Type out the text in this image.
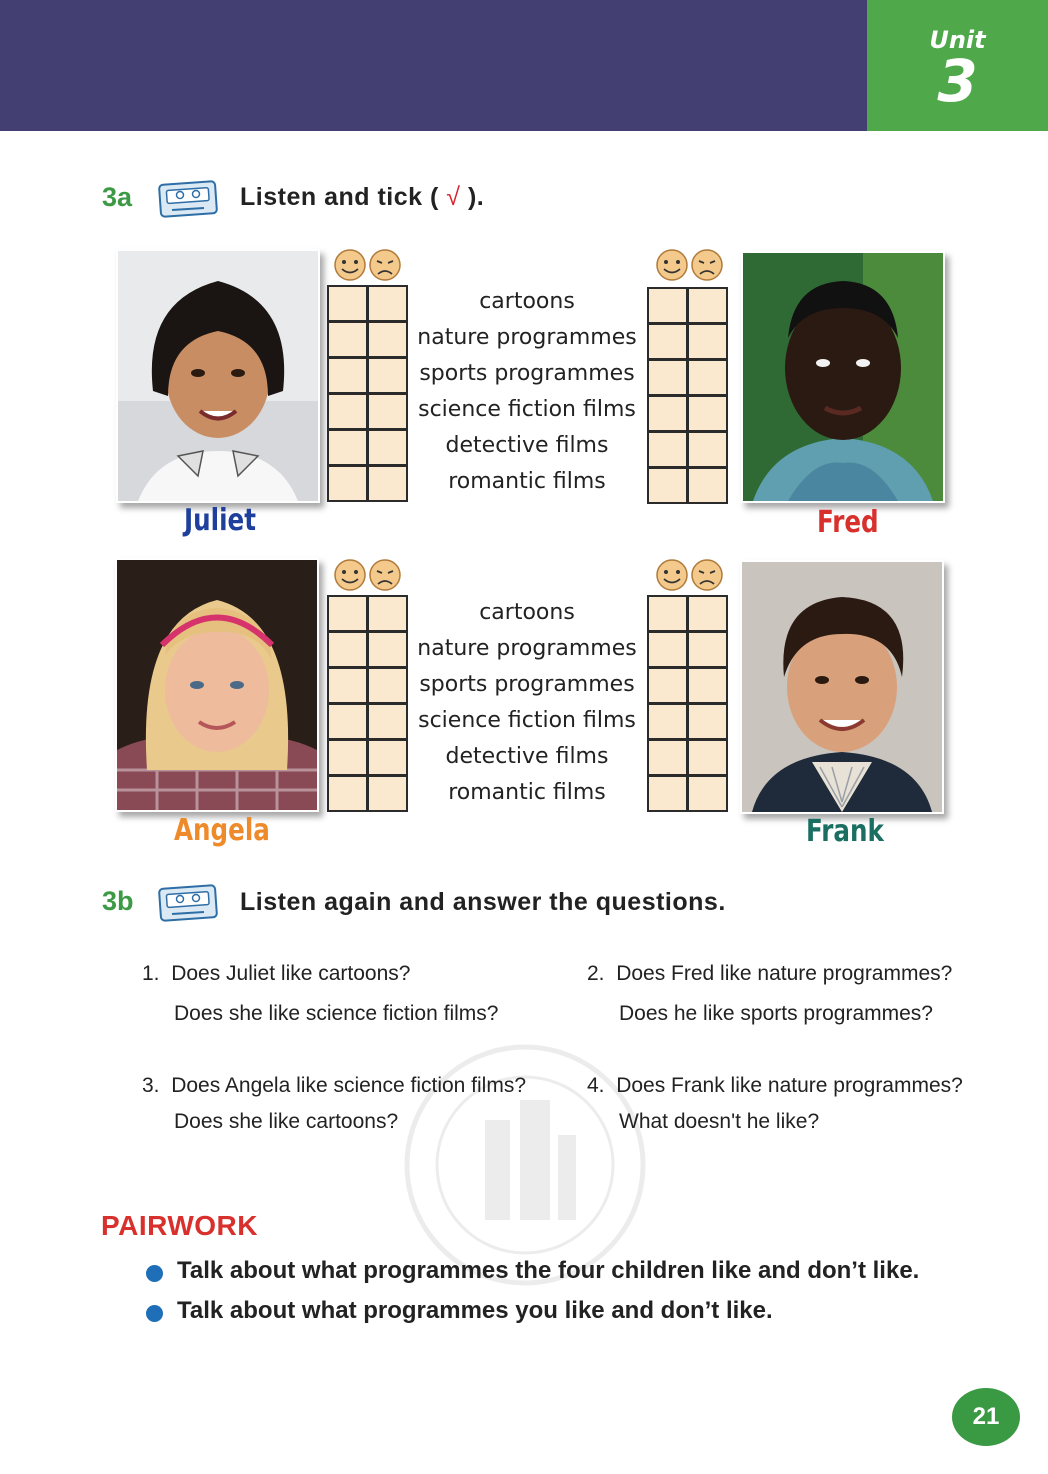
Unit
3
3a	Listen and tick ( √ ).
Juliet	Fred
Angela	Frank
cartoons
nature programmes
sports programmes
science fiction films
detective films
romantic films
cartoons
nature programmes
sports programmes
science fiction films
detective films
romantic films
3b	Listen again and answer the questions.
1. Does Juliet like cartoons?
Does she like science fiction films?
2. Does Fred like nature programmes?
Does he like sports programmes?
3. Does Angela like science fiction films?
Does she like cartoons?
4. Does Frank like nature programmes?
What doesn't he like?
PAIRWORK
Talk about what programmes the four children like and don’t like.
Talk about what programmes you like and don’t like.
21
